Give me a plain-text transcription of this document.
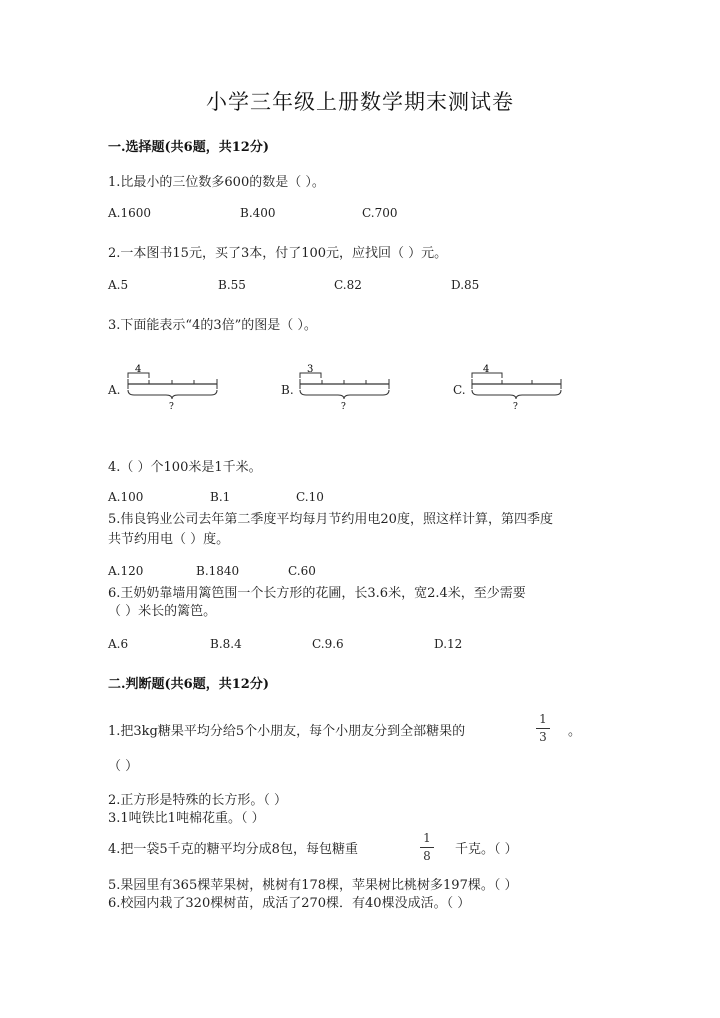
小学三年级上册数学期末测试卷
一.选择题(共6题，共12分)
1.比最小的三位数多600的数是（ ）。
A.1600	B.400	C.700
2.一本图书15元，买了3本，付了100元，应找回（ ）元。
A.5	B.55	C.82	D.85
3.下面能表示“4的3倍”的图是（ ）。
A.
4
?
B.
3
?
C.
4
?
4.（ ）个100米是1千米。
A.100	B.1	C.10
5.伟良钨业公司去年第二季度平均每月节约用电20度，照这样计算，第四季度
共节约用电（ ）度。
A.120	B.1840	C.60
6.王奶奶靠墙用篱笆围一个长方形的花圃，长3.6米，宽2.4米，至少需要
（ ）米长的篱笆。
A.6	B.8.4	C.9.6	D.12
二.判断题(共6题，共12分)
1.把3kg糖果平均分给5个小朋友，每个小朋友分到全部糖果的
1
3	。
（ ）
2.正方形是特殊的长方形。（ ）
3.1吨铁比1吨棉花重。（ ）
4.把一袋5千克的糖平均分成8包，每包糖重
1
8	千克。（ ）
5.果园里有365棵苹果树，桃树有178棵，苹果树比桃树多197棵。（ ）
6.校园内栽了320棵树苗，成活了270棵．有40棵没成活。（ ）
